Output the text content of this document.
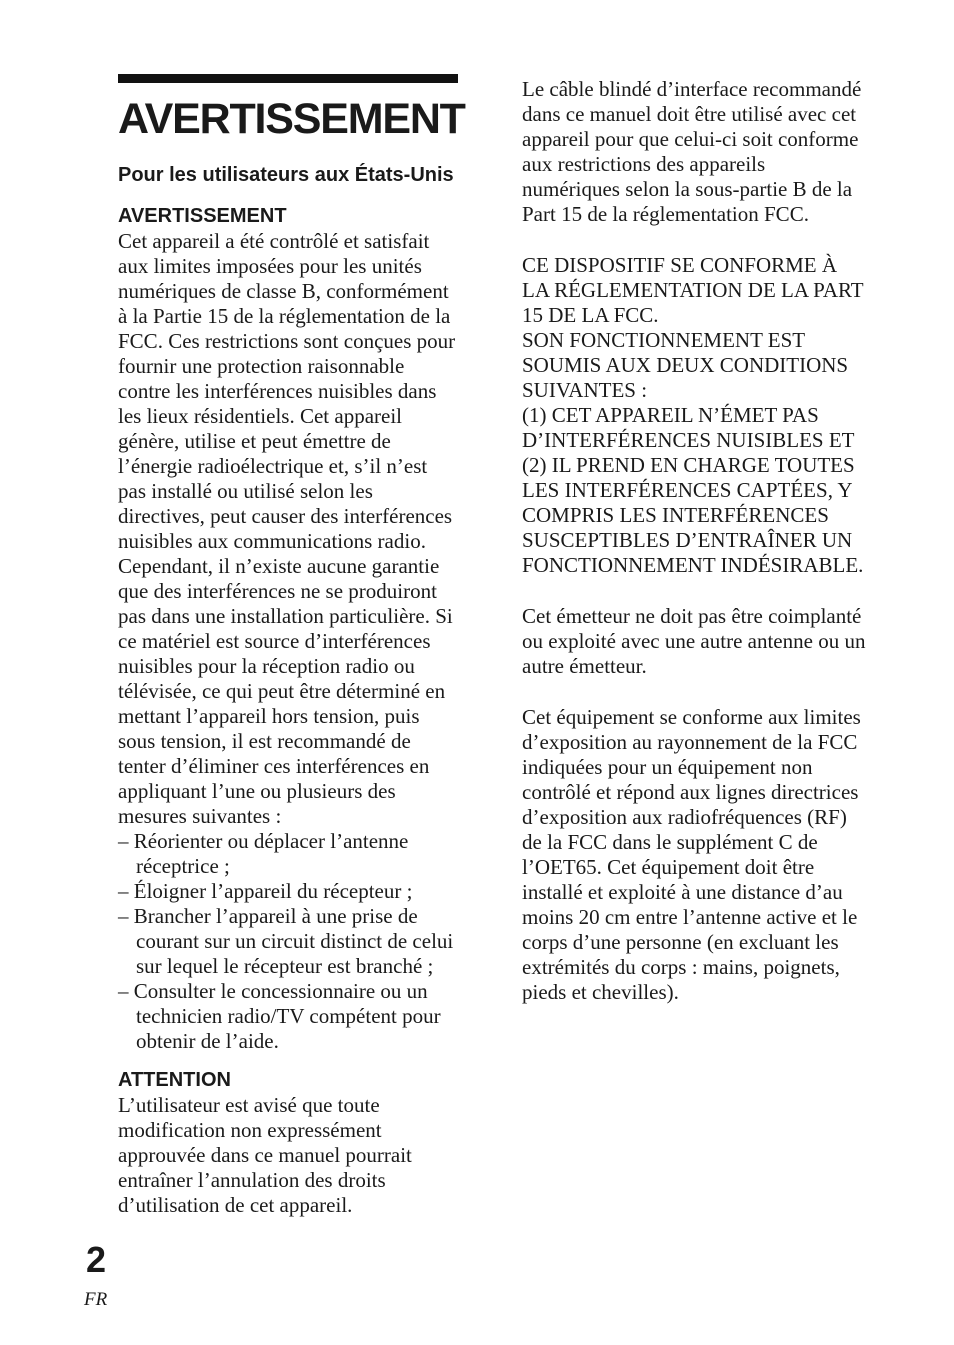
AVERTISSEMENT
Pour les utilisateurs aux États-Unis
AVERTISSEMENT

Cet appareil a été contrôlé et satisfait aux limites imposées pour les unités numériques de classe B, conformément à la Partie 15 de la réglementation de la FCC. Ces restrictions sont conçues pour fournir une protection raisonnable contre les interférences nuisibles dans les lieux résidentiels. Cet appareil génère, utilise et peut émettre de l’énergie radioélectrique et, s’il n’est pas installé ou utilisé selon les directives, peut causer des interférences nuisibles aux communications radio. Cependant, il n’existe aucune garantie que des interférences ne se produiront pas dans une installation particulière. Si ce matériel est source d’interférences nuisibles pour la réception radio ou télévisée, ce qui peut être déterminé en mettant l’appareil hors tension, puis sous tension, il est recommandé de tenter d’éliminer ces interférences en appliquant l’une ou plusieurs des mesures suivantes :

– Réorienter ou déplacer l’antenne réceptrice ;
– Éloigner l’appareil du récepteur ;
– Brancher l’appareil à une prise de courant sur un circuit distinct de celui sur lequel le récepteur est branché ;
– Consulter le concessionnaire ou un technicien radio/TV compétent pour obtenir de l’aide.
ATTENTION

L’utilisateur est avisé que toute modification non expressément approuvée dans ce manuel pourrait entraîner l’annulation des droits d’utilisation de cet appareil.

Le câble blindé d’interface recommandé dans ce manuel doit être utilisé avec cet appareil pour que celui-ci soit conforme aux restrictions des appareils numériques selon la sous-partie B de la Part 15 de la réglementation FCC.

CE DISPOSITIF SE CONFORME À LA RÉGLEMENTATION DE LA PART 15 DE LA FCC.

SON FONCTIONNEMENT EST SOUMIS AUX DEUX CONDITIONS SUIVANTES :

(1) CET APPAREIL N’ÉMET PAS D’INTERFÉRENCES NUISIBLES ET

(2) IL PREND EN CHARGE TOUTES LES INTERFÉRENCES CAPTÉES, Y COMPRIS LES INTERFÉRENCES SUSCEPTIBLES D’ENTRAÎNER UN FONCTIONNEMENT INDÉSIRABLE.

Cet émetteur ne doit pas être coimplanté ou exploité avec une autre antenne ou un autre émetteur.

Cet équipement se conforme aux limites d’exposition au rayonnement de la FCC indiquées pour un équipement non contrôlé et répond aux lignes directrices d’exposition aux radiofréquences (RF) de la FCC dans le supplément C de l’OET65. Cet équipement doit être installé et exploité à une distance d’au moins 20 cm entre l’antenne active et le corps d’une personne (en excluant les extrémités du corps : mains, poignets, pieds et chevilles).

2
FR
